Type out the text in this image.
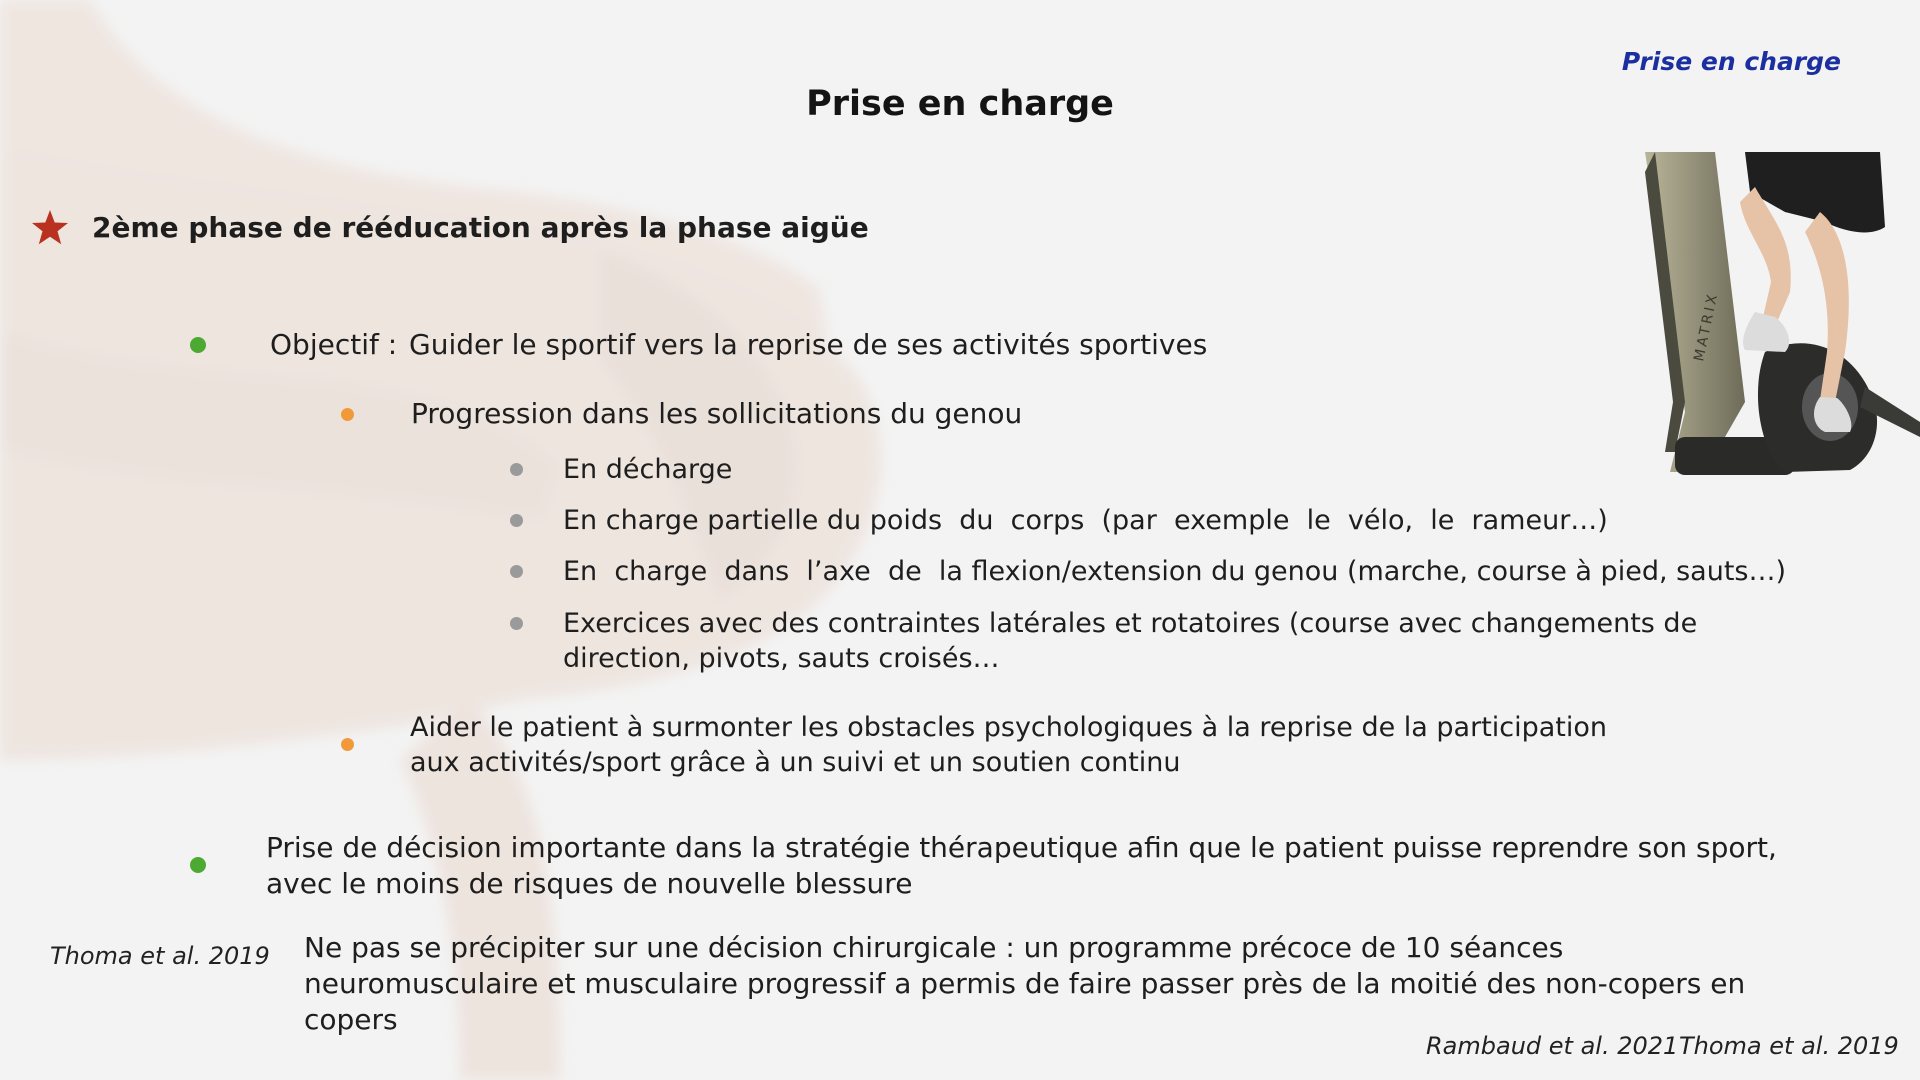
Prise en charge
Prise en charge
2ème phase de rééducation après la phase aigüe
Objectif : Guider le sportif vers la reprise de ses activités sportives
Progression dans les sollicitations du genou
En décharge
En charge partielle du poids  du  corps  (par  exemple  le  vélo,  le  rameur…)
En  charge  dans  l’axe  de  la flexion/extension du genou (marche, course à pied, sauts…)
Exercices avec des contraintes latérales et rotatoires (course avec changements de direction, pivots, sauts croisés…
Aider le patient à surmonter les obstacles psychologiques à la reprise de la participation aux activités/sport grâce à un suivi et un soutien continu
Prise de décision importante dans la stratégie thérapeutique afin que le patient puisse reprendre son sport, avec le moins de risques de nouvelle blessure
Thoma et al. 2019 Ne pas se précipiter sur une décision chirurgicale : un programme précoce de 10 séances neuromusculaire et musculaire progressif a permis de faire passer près de la moitié des non-copers en copers
MATRIX
Rambaud et al. 2021 Thoma et al. 2019
